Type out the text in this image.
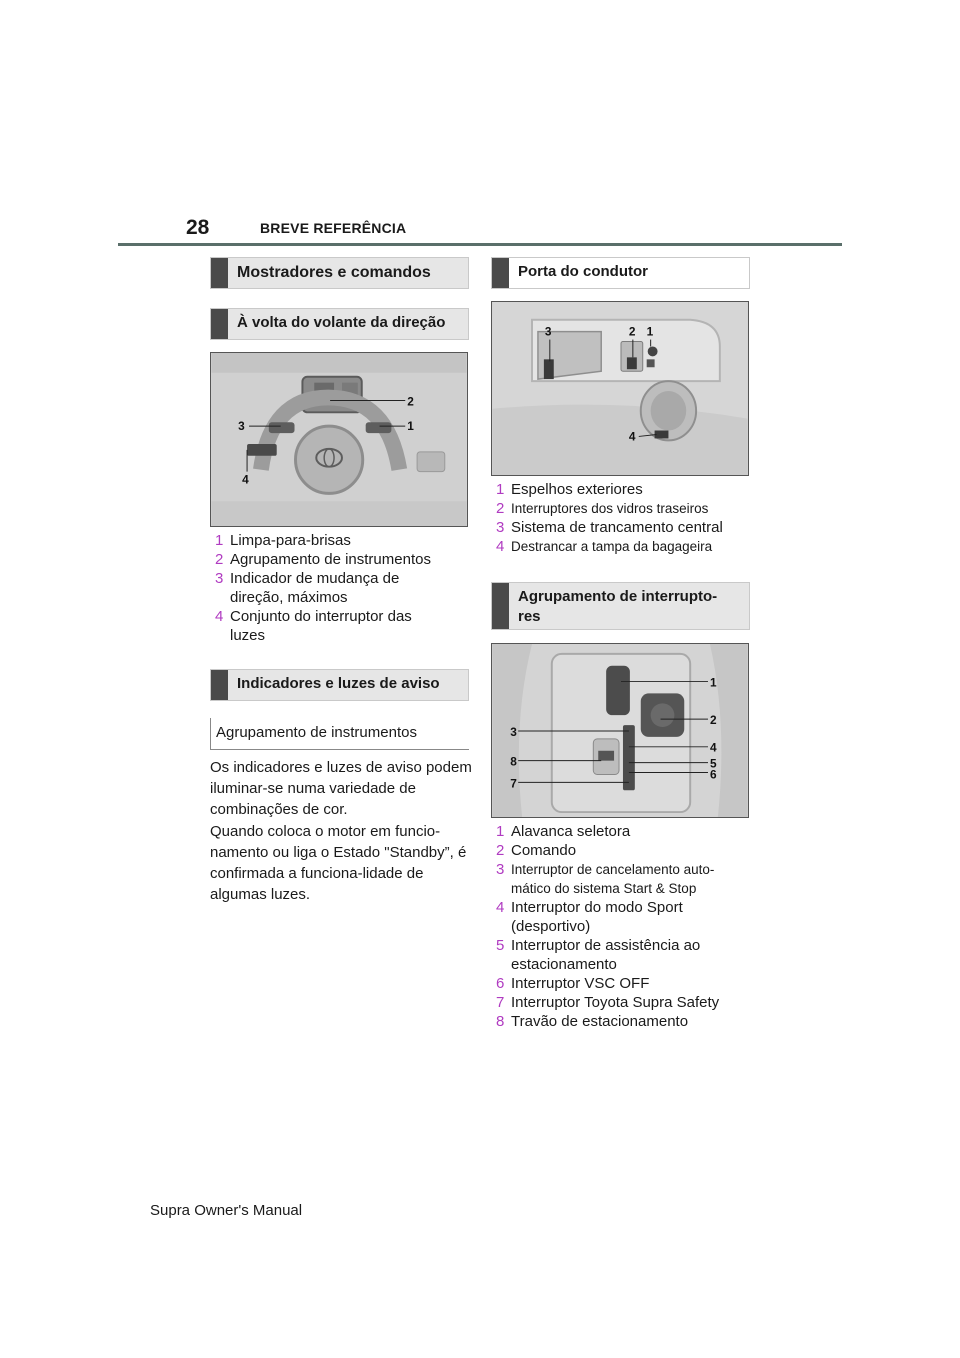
28	BREVE REFERÊNCIA
Mostradores e comandos
À volta do volante da direção
2
1
3
4
1 Limpa-para-brisas
2 Agrupamento de instrumentos
3 Indicador de mudança de direção, máximos
4 Conjunto do interruptor das luzes
Indicadores e luzes de aviso
Agrupamento de instrumentos
Os indicadores e luzes de aviso podem iluminar-se numa variedade de combinações de cor.
Quando coloca o motor em funcio-namento ou liga o Estado "Standby”, é confirmada a funciona-lidade de algumas luzes.
Porta do condutor
3	2 1
4
1 Espelhos exteriores
2 Interruptores dos vidros traseiros
3 Sistema de trancamento central
4 Destrancar a tampa da bagageira
Agrupamento de interrupto-res
1
2
3
4
5
6
8
7
1 Alavanca seletora
2 Comando
3 Interruptor de cancelamento auto-mático do sistema Start & Stop
4 Interruptor do modo Sport (desportivo)
5 Interruptor de assistência ao estacionamento
6 Interruptor VSC OFF
7 Interruptor Toyota Supra Safety
8 Travão de estacionamento
Supra Owner's Manual
